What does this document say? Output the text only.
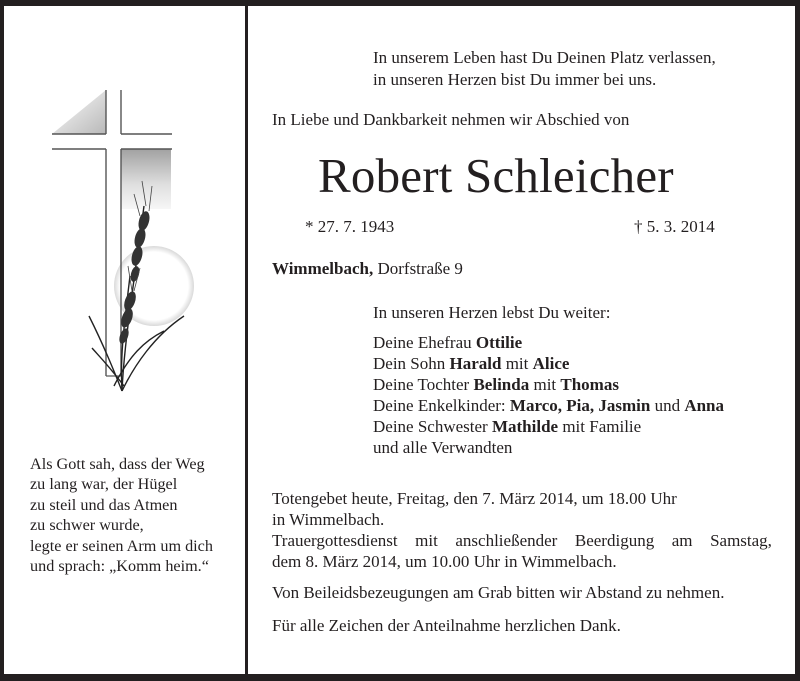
Als Gott sah, dass der Weg
zu lang war, der Hügel
zu steil und das Atmen
zu schwer wurde,
legte er seinen Arm um dich
und sprach: „Komm heim.“
In unserem Leben hast Du Deinen Platz verlassen,
in unseren Herzen bist Du immer bei uns.
In Liebe und Dankbarkeit nehmen wir Abschied von
Robert Schleicher
* 27. 7. 1943	† 5. 3. 2014
Wimmelbach, Dorfstraße 9
In unseren Herzen lebst Du weiter:
Deine Ehefrau Ottilie
Dein Sohn Harald mit Alice
Deine Tochter Belinda mit Thomas
Deine Enkelkinder: Marco, Pia, Jasmin und Anna
Deine Schwester Mathilde mit Familie
und alle Verwandten
Totengebet heute, Freitag, den 7. März 2014, um 18.00 Uhr
in Wimmelbach.
Trauergottesdienst mit anschließender Beerdigung am Samstag,
dem 8. März 2014, um 10.00 Uhr in Wimmelbach.
Von Beileidsbezeugungen am Grab bitten wir Abstand zu nehmen.
Für alle Zeichen der Anteilnahme herzlichen Dank.
